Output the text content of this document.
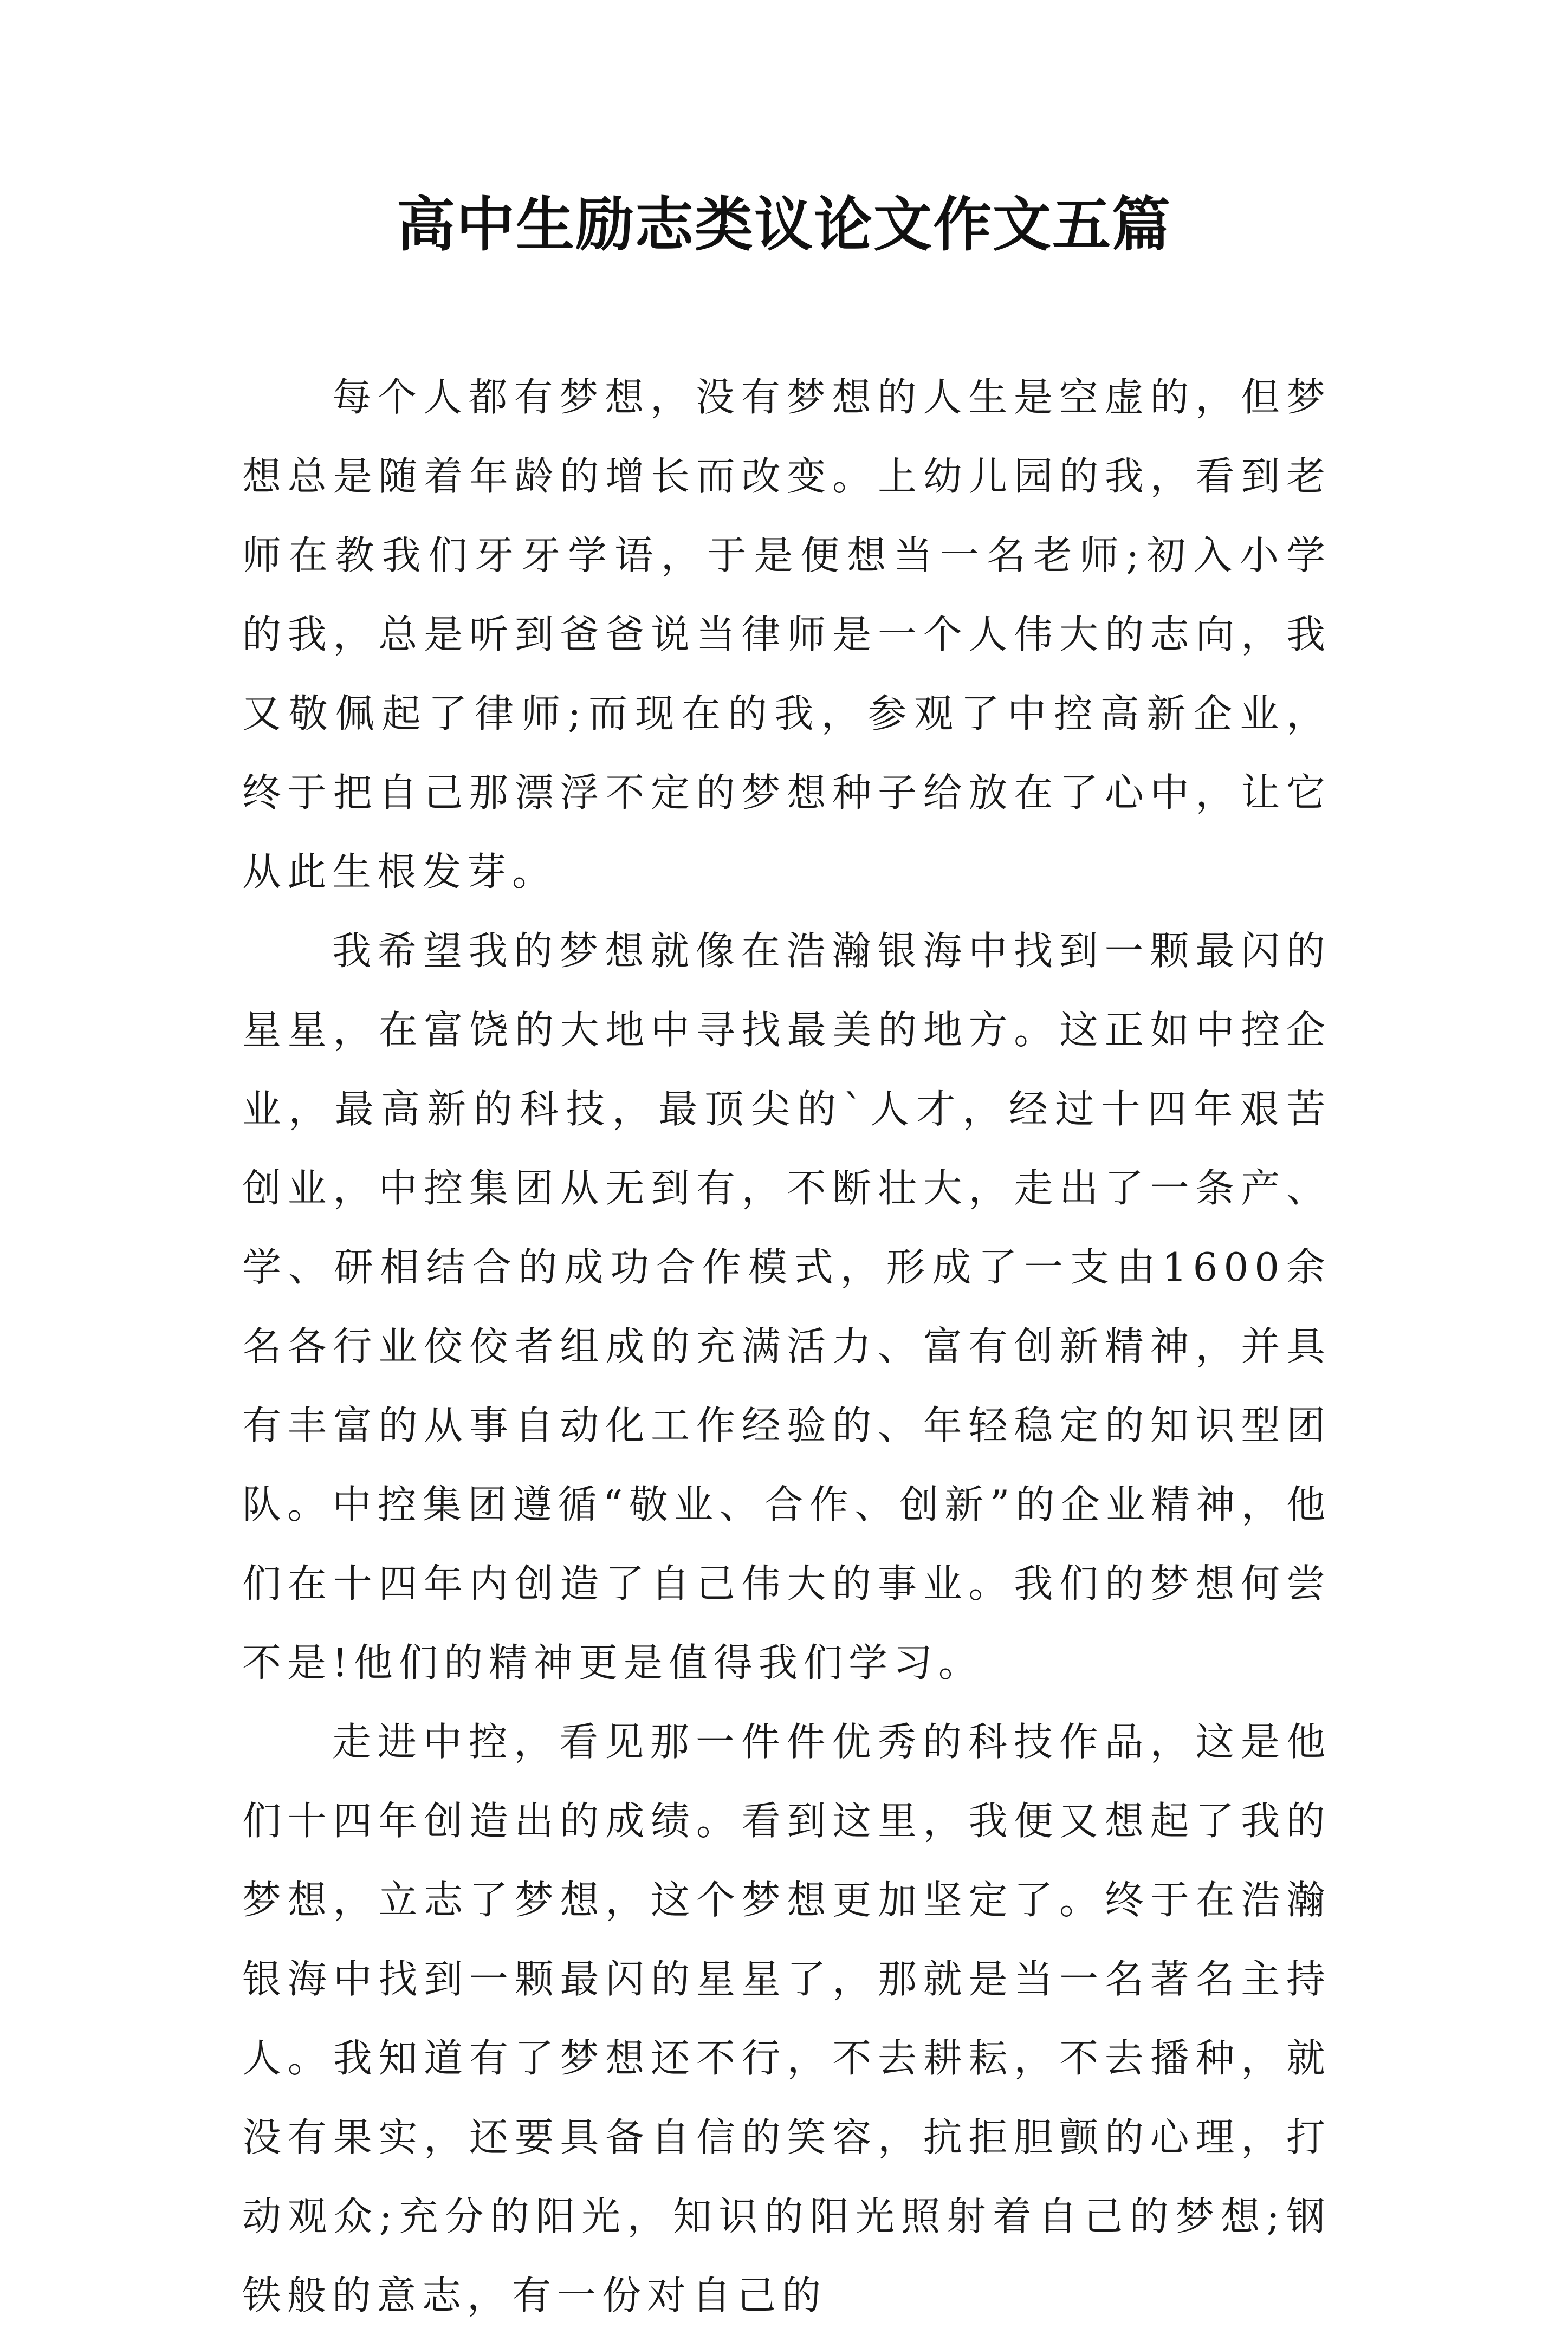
高中生励志类议论文作文五篇

每个人都有梦想，没有梦想的人生是空虚的，但梦想总是随着年龄的增长而改变。上幼儿园的我，看到老师在教我们牙牙学语，于是便想当一名老师;初入小学的我，总是听到爸爸说当律师是一个人伟大的志向，我又敬佩起了律师;而现在的我，参观了中控高新企业，终于把自己那漂浮不定的梦想种子给放在了心中，让它从此生根发芽。

我希望我的梦想就像在浩瀚银海中找到一颗最闪的星星，在富饶的大地中寻找最美的地方。这正如中控企业，最高新的科技，最顶尖的`人才，经过十四年艰苦创业，中控集团从无到有，不断壮大，走出了一条产、学、研相结合的成功合作模式，形成了一支由1600余名各行业佼佼者组成的充满活力、富有创新精神，并具有丰富的从事自动化工作经验的、年轻稳定的知识型团队。中控集团遵循“敬业、合作、创新”的企业精神，他们在十四年内创造了自己伟大的事业。我们的梦想何尝不是!他们的精神更是值得我们学习。

走进中控，看见那一件件优秀的科技作品，这是他们十四年创造出的成绩。看到这里，我便又想起了我的梦想，立志了梦想，这个梦想更加坚定了。终于在浩瀚银海中找到一颗最闪的星星了，那就是当一名著名主持人。我知道有了梦想还不行，不去耕耘，不去播种，就没有果实，还要具备自信的笑容，抗拒胆颤的心理，打动观众;充分的阳光，知识的阳光照射着自己的梦想;钢铁般的意志，有一份对自己的
